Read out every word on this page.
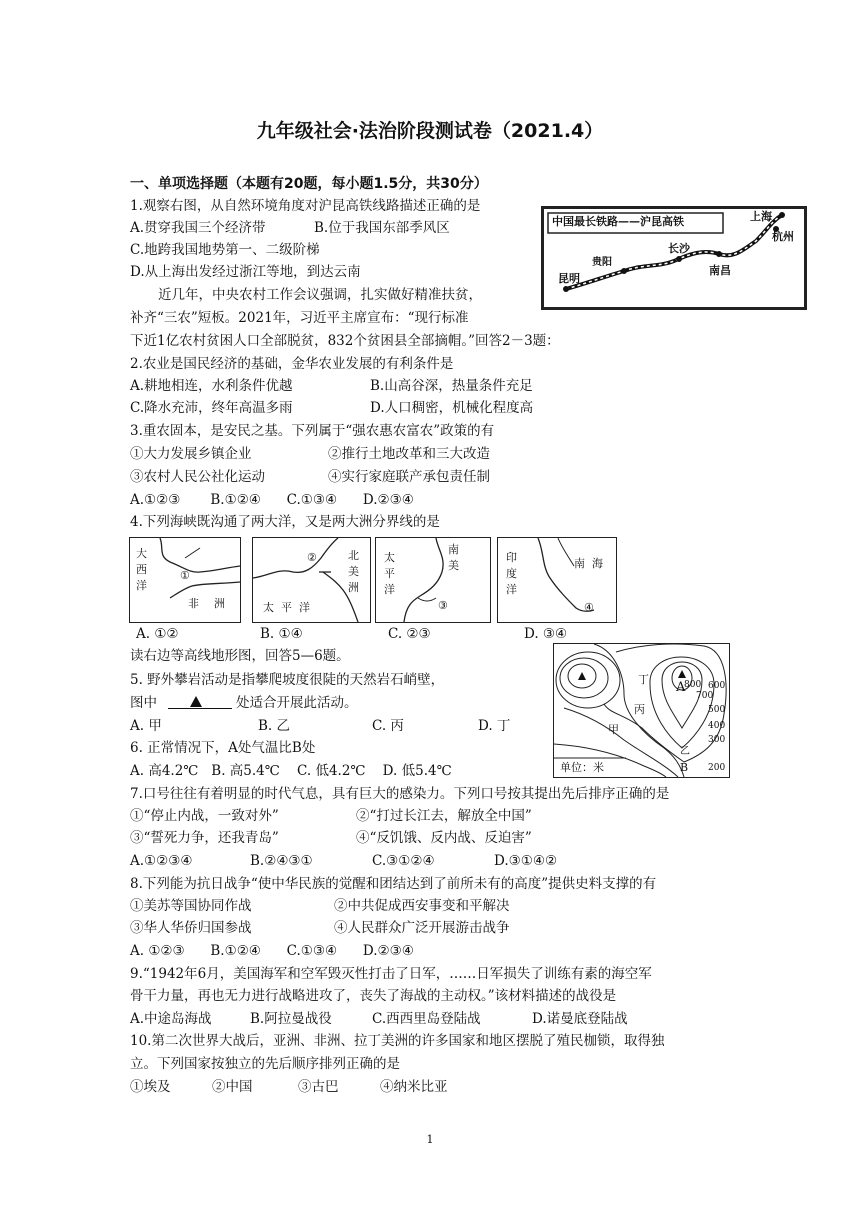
九年级社会·法治阶段测试卷（2021.4）
一、单项选择题（本题有20题，每小题1.5分，共30分）
1.观察右图，从自然环境角度对沪昆高铁线路描述正确的是
A.贯穿我国三个经济带	B.位于我国东部季风区
C.地跨我国地势第一、二级阶梯
D.从上海出发经过浙江等地，到达云南
近几年，中央农村工作会议强调，扎实做好精准扶贫，
补齐“三农”短板。2021年，习近平主席宣布：“现行标准
下近1亿农村贫困人口全部脱贫，832个贫困县全部摘帽。”回答2－3题：
中国最长铁路——沪昆高铁	上海
杭州
长沙
南昌
贵阳
昆明
2.农业是国民经济的基础，金华农业发展的有利条件是
A.耕地相连，水利条件优越	B.山高谷深，热量条件充足
C.降水充沛，终年高温多雨	D.人口稠密，机械化程度高
3.重农固本，是安民之基。下列属于“强农惠农富农”政策的有
①大力发展乡镇企业	②推行土地改革和三大改造
③农村人民公社化运动	④实行家庭联产承包责任制
A.①②③       B.①②④      C.①③④      D.②③④
4.下列海峡既沟通了两大洋，又是两大洲分界线的是
大
西
洋
非 洲
①
②	北
美
洲
太 平 洋
太
平
洋
南
美
③
印
度
洋
南 海
④
A. ①②	B. ①④	C. ②③	D. ③④
读右边等高线地形图，回答5—6题。
5. 野外攀岩活动是指攀爬坡度很陡的天然岩石峭壁，
图中	处适合开展此活动。
A. 甲	B. 乙	C. 丙	D. 丁
6. 正常情况下，A处气温比B处
A. 高4.2℃   B. 高5.4℃    C. 低4.2℃    D. 低5.4℃
丁
A
800
丙
甲
乙
B
600
700
500
400
300
200
单位：米
7.口号往往有着明显的时代气息，具有巨大的感染力。下列口号按其提出先后排序正确的是
①“停止内战，一致对外”	②“打过长江去，解放全中国”
③“誓死力争，还我青岛”	④“反饥饿、反内战、反迫害”
A.①②③④	B.②④③①	C.③①②④	D.③①④②
8.下列能为抗日战争“使中华民族的觉醒和团结达到了前所未有的高度”提供史料支撑的有
①美苏等国协同作战	②中共促成西安事变和平解决
③华人华侨归国参战	④人民群众广泛开展游击战争
A. ①②③      B.①②④      C.①③④      D.②③④
9.“1942年6月，美国海军和空军毁灭性打击了日军，……日军损失了训练有素的海空军
骨干力量，再也无力进行战略进攻了，丧失了海战的主动权。”该材料描述的战役是
A.中途岛海战	B.阿拉曼战役	C.西西里岛登陆战	D.诺曼底登陆战
10.第二次世界大战后，亚洲、非洲、拉丁美洲的许多国家和地区摆脱了殖民枷锁，取得独
立。下列国家按独立的先后顺序排列正确的是
①埃及	②中国	③古巴	④纳米比亚
1
